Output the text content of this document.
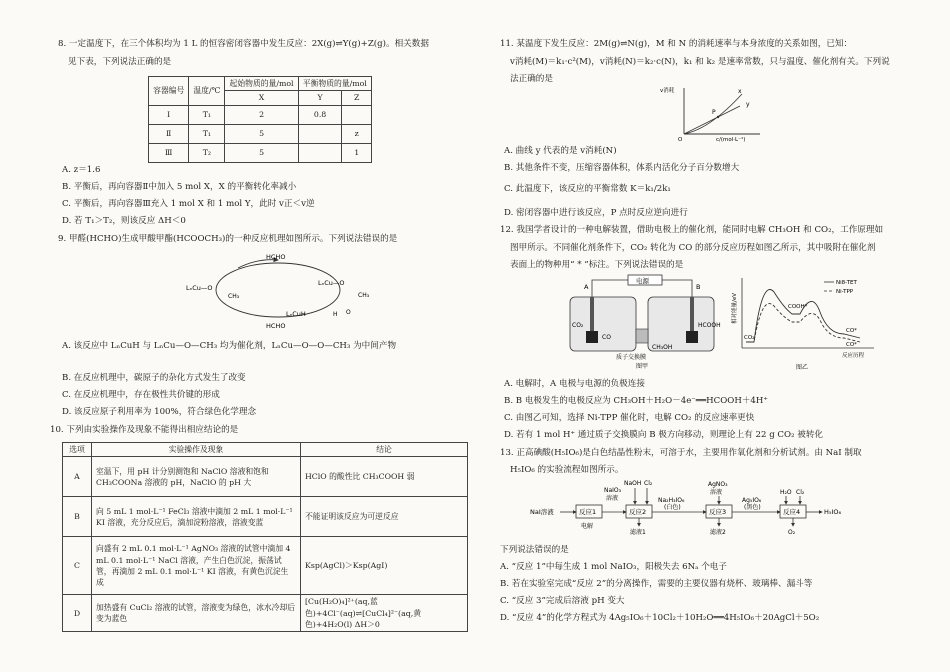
8. 一定温度下，在三个体积均为 1 L 的恒容密闭容器中发生反应：2X(g)⇌Y(g)+Z(g)。相关数据
见下表，下列说法正确的是
容器编号	温度/℃	起始物质的量/mol	平衡物质的量/mol	
		X	Y	Z
Ⅰ	T₁	2	0.8	
Ⅱ	T₁	5		z
Ⅲ	T₂	5		1
A. z＝1.6
B. 平衡后，再向容器Ⅱ中加入 5 mol X，X 的平衡转化率减小
C. 平衡后，再向容器Ⅲ充入 1 mol X 和 1 mol Y，此时 v正＜v逆
D. 若 T₁＞T₂，则该反应 ΔH＜0
9. 甲醛(HCHO)生成甲酸甲酯(HCOOCH₃)的一种反应机理如图所示。下列说法错误的是
HCHO
LₙCu—O
CH₃
LₙCu—O
CH₃
LₙCuH	H O
HCHO
A. 该反应中 LₙCuH 与 LₙCu—O—CH₃ 均为催化剂，LₙCu—O—O—CH₃ 为中间产物
B. 在反应机理中，碳原子的杂化方式发生了改变
C. 在反应机理中，存在极性共价键的形成
D. 该反应原子利用率为 100%，符合绿色化学理念
10. 下列由实验操作及现象不能得出相应结论的是
选项	实验操作及现象	结论
A	室温下，用 pH 计分别测饱和 NaClO 溶液和饱和 CH₃COONa 溶液的 pH，NaClO 的 pH 大	HClO 的酸性比 CH₃COOH 弱
B	向 5 mL 1 mol·L⁻¹ FeCl₃ 溶液中滴加 2 mL 1 mol·L⁻¹ KI 溶液，充分反应后，滴加淀粉溶液，溶液变蓝	不能证明该反应为可逆反应
C	向盛有 2 mL 0.1 mol·L⁻¹ AgNO₃ 溶液的试管中滴加 4 mL 0.1 mol·L⁻¹ NaCl 溶液，产生白色沉淀，振荡试管，再滴加 2 mL 0.1 mol·L⁻¹ KI 溶液，有黄色沉淀生成	Ksp(AgCl)＞Ksp(AgI)
D	加热盛有 CuCl₂ 溶液的试管，溶液变为绿色，冰水冷却后变为蓝色	[Cu(H₂O)₄]²⁺(aq,蓝色)+4Cl⁻(aq)⇌[CuCl₄]²⁻(aq,黄色)+4H₂O(l) ΔH＞0
11. 某温度下发生反应：2M(g)⇌N(g)，M 和 N 的消耗速率与本身浓度的关系如图，已知：
v消耗(M)＝k₁·c²(M)，v消耗(N)＝k₂·c(N)，k₁ 和 k₂ 是速率常数，只与温度、催化剂有关。下列说
法正确的是
v消耗
c/(mol·L⁻¹)
x
y
P
O
A. 曲线 y 代表的是 v消耗(N)
B. 其他条件不变，压缩容器体积，体系内活化分子百分数增大
C. 此温度下，该反应的平衡常数 K＝k₁/2k₁
D. 密闭容器中进行该反应，P 点时反应逆向进行
12. 我国学者设计的一种电解装置，借助电极上的催化剂，能同时电解 CH₃OH 和 CO₂，工作原理如
图甲所示。不同催化剂条件下，CO₂ 转化为 CO 的部分反应历程如图乙所示，其中吸附在催化剂
表面上的物种用“ * ”标注。下列说法错误的是
电源
A	B
CO₂
CO
HCOOH
CH₃OH
质子交换膜
图甲
相对能量/eV
Ni8-TET
Ni-TPP
COOH*
CO₂
CO*
CO*
反应历程
图乙
A. 电解时，A 电极与电源的负极连接
B. B 电极发生的电极反应为 CH₃OH＋H₂O－4e⁻══HCOOH＋4H⁺
C. 由图乙可知，选择 Ni-TPP 催化时，电解 CO₂ 的反应速率更快
D. 若有 1 mol H⁺ 通过质子交换膜向 B 极方向移动，则理论上有 22 g CO₂ 被转化
13. 正高碘酸(H₅IO₆)是白色结晶性粉末，可溶于水，主要用作氧化剂和分析试剂。由 NaI 制取
H₅IO₆ 的实验流程如图所示。
NaI溶液	反应1
电解
NaIO₃
溶液
NaOH Cl₂
反应2
滤液1
Na₂H₃IO₆
(白色)
AgNO₃
溶液
反应3
滤液2
Ag₅IO₆
(黑色)
H₂O Cl₂
反应4
O₂
H₅IO₆
下列说法错误的是
A. “反应 1”中每生成 1 mol NaIO₃，阳极失去 6Nₐ 个电子
B. 若在实验室完成“反应 2”的分离操作，需要的主要仪器有烧杯、玻璃棒、漏斗等
C. “反应 3”完成后溶液 pH 变大
D. “反应 4”的化学方程式为 4Ag₅IO₆＋10Cl₂＋10H₂O══4H₅IO₆＋20AgCl＋5O₂
